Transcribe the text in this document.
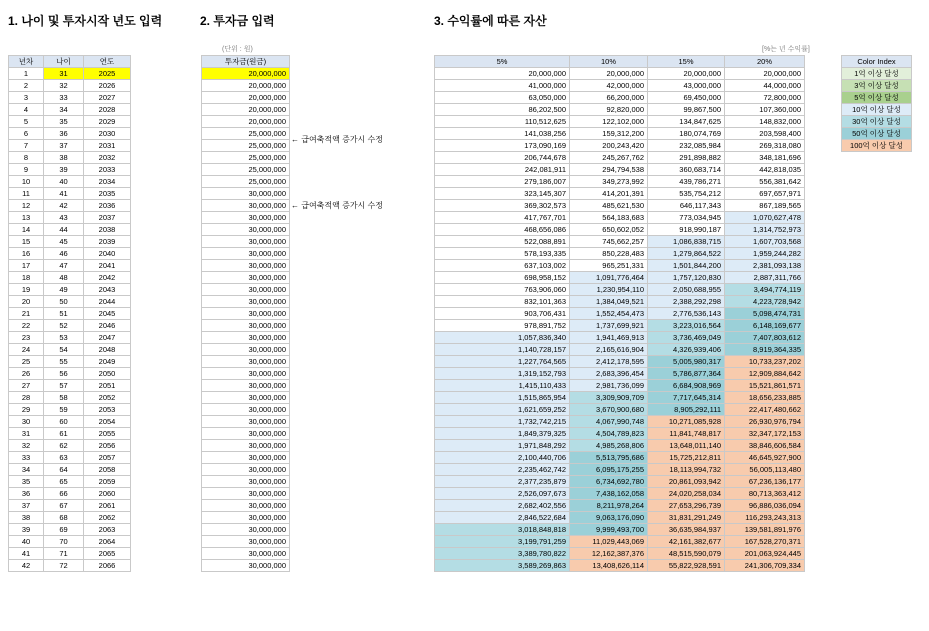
1. 나이 및 투자시작 년도 입력	2. 투자금 입력	3. 수익률에 따른 자산
(단위 : 원)	[%는 년 수익률]
년차	나이	연도
1	31	2025
2	32	2026
3	33	2027
4	34	2028
5	35	2029
6	36	2030
7	37	2031
8	38	2032
9	39	2033
10	40	2034
11	41	2035
12	42	2036
13	43	2037
14	44	2038
15	45	2039
16	46	2040
17	47	2041
18	48	2042
19	49	2043
20	50	2044
21	51	2045
22	52	2046
23	53	2047
24	54	2048
25	55	2049
26	56	2050
27	57	2051
28	58	2052
29	59	2053
30	60	2054
31	61	2055
32	62	2056
33	63	2057
34	64	2058
35	65	2059
36	66	2060
37	67	2061
38	68	2062
39	69	2063
40	70	2064
41	71	2065
42	72	2066
투자금(원금)
20,000,000
20,000,000
20,000,000
20,000,000
20,000,000
25,000,000
25,000,000
25,000,000
25,000,000
25,000,000
30,000,000
30,000,000
30,000,000
30,000,000
30,000,000
30,000,000
30,000,000
30,000,000
30,000,000
30,000,000
30,000,000
30,000,000
30,000,000
30,000,000
30,000,000
30,000,000
30,000,000
30,000,000
30,000,000
30,000,000
30,000,000
30,000,000
30,000,000
30,000,000
30,000,000
30,000,000
30,000,000
30,000,000
30,000,000
30,000,000
30,000,000
30,000,000
← 급여축적액 증가시 수정
← 급여축적액 증가시 수정
5%	10%	15%	20%
20,000,000	20,000,000	20,000,000	20,000,000
41,000,000	42,000,000	43,000,000	44,000,000
63,050,000	66,200,000	69,450,000	72,800,000
86,202,500	92,820,000	99,867,500	107,360,000
110,512,625	122,102,000	134,847,625	148,832,000
141,038,256	159,312,200	180,074,769	203,598,400
173,090,169	200,243,420	232,085,984	269,318,080
206,744,678	245,267,762	291,898,882	348,181,696
242,081,911	294,794,538	360,683,714	442,818,035
279,186,007	349,273,992	439,786,271	556,381,642
323,145,307	414,201,391	535,754,212	697,657,971
369,302,573	485,621,530	646,117,343	867,189,565
417,767,701	564,183,683	773,034,945	1,070,627,478
468,656,086	650,602,052	918,990,187	1,314,752,973
522,088,891	745,662,257	1,086,838,715	1,607,703,568
578,193,335	850,228,483	1,279,864,522	1,959,244,282
637,103,002	965,251,331	1,501,844,200	2,381,093,138
698,958,152	1,091,776,464	1,757,120,830	2,887,311,766
763,906,060	1,230,954,110	2,050,688,955	3,494,774,119
832,101,363	1,384,049,521	2,388,292,298	4,223,728,942
903,706,431	1,552,454,473	2,776,536,143	5,098,474,731
978,891,752	1,737,699,921	3,223,016,564	6,148,169,677
1,057,836,340	1,941,469,913	3,736,469,049	7,407,803,612
1,140,728,157	2,165,616,904	4,326,939,406	8,919,364,335
1,227,764,565	2,412,178,595	5,005,980,317	10,733,237,202
1,319,152,793	2,683,396,454	5,786,877,364	12,909,884,642
1,415,110,433	2,981,736,099	6,684,908,969	15,521,861,571
1,515,865,954	3,309,909,709	7,717,645,314	18,656,233,885
1,621,659,252	3,670,900,680	8,905,292,111	22,417,480,662
1,732,742,215	4,067,990,748	10,271,085,928	26,930,976,794
1,849,379,325	4,504,789,823	11,841,748,817	32,347,172,153
1,971,848,292	4,985,268,806	13,648,011,140	38,846,606,584
2,100,440,706	5,513,795,686	15,725,212,811	46,645,927,900
2,235,462,742	6,095,175,255	18,113,994,732	56,005,113,480
2,377,235,879	6,734,692,780	20,861,093,942	67,236,136,177
2,526,097,673	7,438,162,058	24,020,258,034	80,713,363,412
2,682,402,556	8,211,978,264	27,653,296,739	96,886,036,094
2,846,522,684	9,063,176,090	31,831,291,249	116,293,243,313
3,018,848,818	9,999,493,700	36,635,984,937	139,581,891,976
3,199,791,259	11,029,443,069	42,161,382,677	167,528,270,371
3,389,780,822	12,162,387,376	48,515,590,079	201,063,924,445
3,589,269,863	13,408,626,114	55,822,928,591	241,306,709,334
Color Index
1억 이상 달성
3억 이상 달성
5억 이상 달성
10억 이상 달성
30억 이상 달성
50억 이상 달성
100억 이상 달성
